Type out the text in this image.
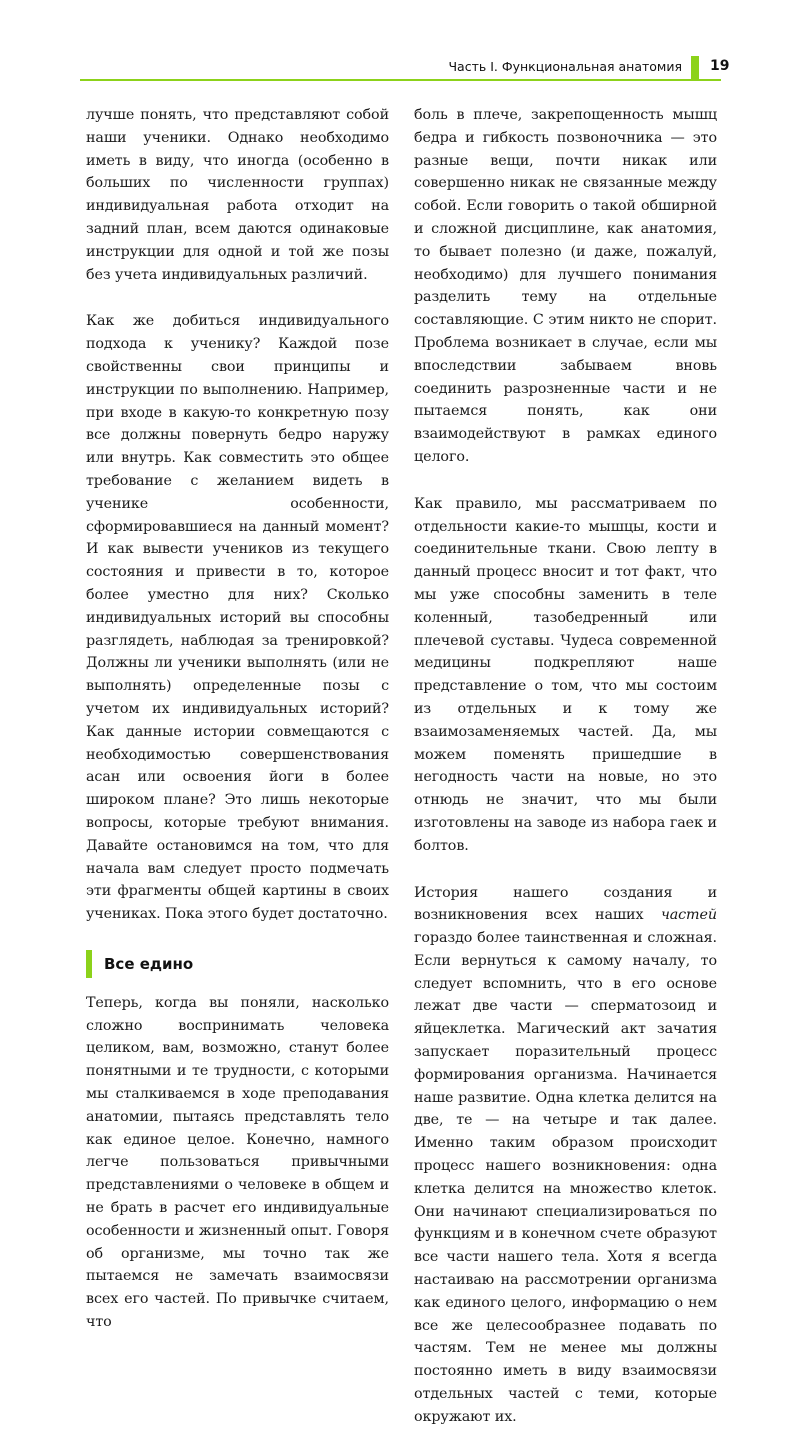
Часть I. Функциональная анатомия 19

лучше понять, что представляют собой наши ученики. Однако необходимо иметь в виду, что иногда (особенно в больших по численности группах) индивидуальная работа отходит на задний план, всем даются одинаковые инструкции для одной и той же позы без учета индивидуальных различий.

Как же добиться индивидуального подхода к ученику? Каждой позе свойственны свои принципы и инструкции по выполнению. Например, при входе в какую-то конкретную позу все должны повернуть бедро наружу или внутрь. Как совместить это общее требование с желанием видеть в ученике особенности, сформировавшиеся на данный момент? И как вывести учеников из текущего состояния и привести в то, которое более уместно для них? Сколько индивидуальных историй вы способны разглядеть, наблюдая за тренировкой? Должны ли ученики выполнять (или не выполнять) определенные позы с учетом их индивидуальных историй? Как данные истории совмещаются с необходимостью совершенствования асан или освоения йоги в более широком плане? Это лишь некоторые вопросы, которые требуют внимания. Давайте остановимся на том, что для начала вам следует просто подмечать эти фрагменты общей картины в своих учениках. Пока этого будет достаточно.

Все едино

Теперь, когда вы поняли, насколько сложно воспринимать человека целиком, вам, возможно, станут более понятными и те трудности, с которыми мы сталкиваемся в ходе преподавания анатомии, пытаясь представлять тело как единое целое. Конечно, намного легче пользоваться привычными представлениями о человеке в общем и не брать в расчет его индивидуальные особенности и жизненный опыт. Говоря об организме, мы точно так же пытаемся не замечать взаимосвязи всех его частей. По привычке считаем, что

боль в плече, закрепощенность мышц бедра и гибкость позвоночника — это разные вещи, почти никак или совершенно никак не связанные между собой. Если говорить о такой обширной и сложной дисциплине, как анатомия, то бывает полезно (и даже, пожалуй, необходимо) для лучшего понимания разделить тему на отдельные составляющие. С этим никто не спорит. Проблема возникает в случае, если мы впоследствии забываем вновь соединить разрозненные части и не пытаемся понять, как они взаимодействуют в рамках единого целого.

Как правило, мы рассматриваем по отдельности какие-то мышцы, кости и соединительные ткани. Свою лепту в данный процесс вносит и тот факт, что мы уже способны заменить в теле коленный, тазобедренный или плечевой суставы. Чудеса современной медицины подкрепляют наше представление о том, что мы состоим из отдельных и к тому же взаимозаменяемых частей. Да, мы можем поменять пришедшие в негодность части на новые, но это отнюдь не значит, что мы были изготовлены на заводе из набора гаек и болтов.

История нашего создания и возникновения всех наших частей гораздо более таинственная и сложная. Если вернуться к самому началу, то следует вспомнить, что в его основе лежат две части — сперматозоид и яйцеклетка. Магический акт зачатия запускает поразительный процесс формирования организма. Начинается наше развитие. Одна клетка делится на две, те — на четыре и так далее. Именно таким образом происходит процесс нашего возникновения: одна клетка делится на множество клеток. Они начинают специализироваться по функциям и в конечном счете образуют все части нашего тела. Хотя я всегда настаиваю на рассмотрении организма как единого целого, информацию о нем все же целесообразнее подавать по частям. Тем не менее мы должны постоянно иметь в виду взаимосвязи отдельных частей с теми, которые окружают их.
